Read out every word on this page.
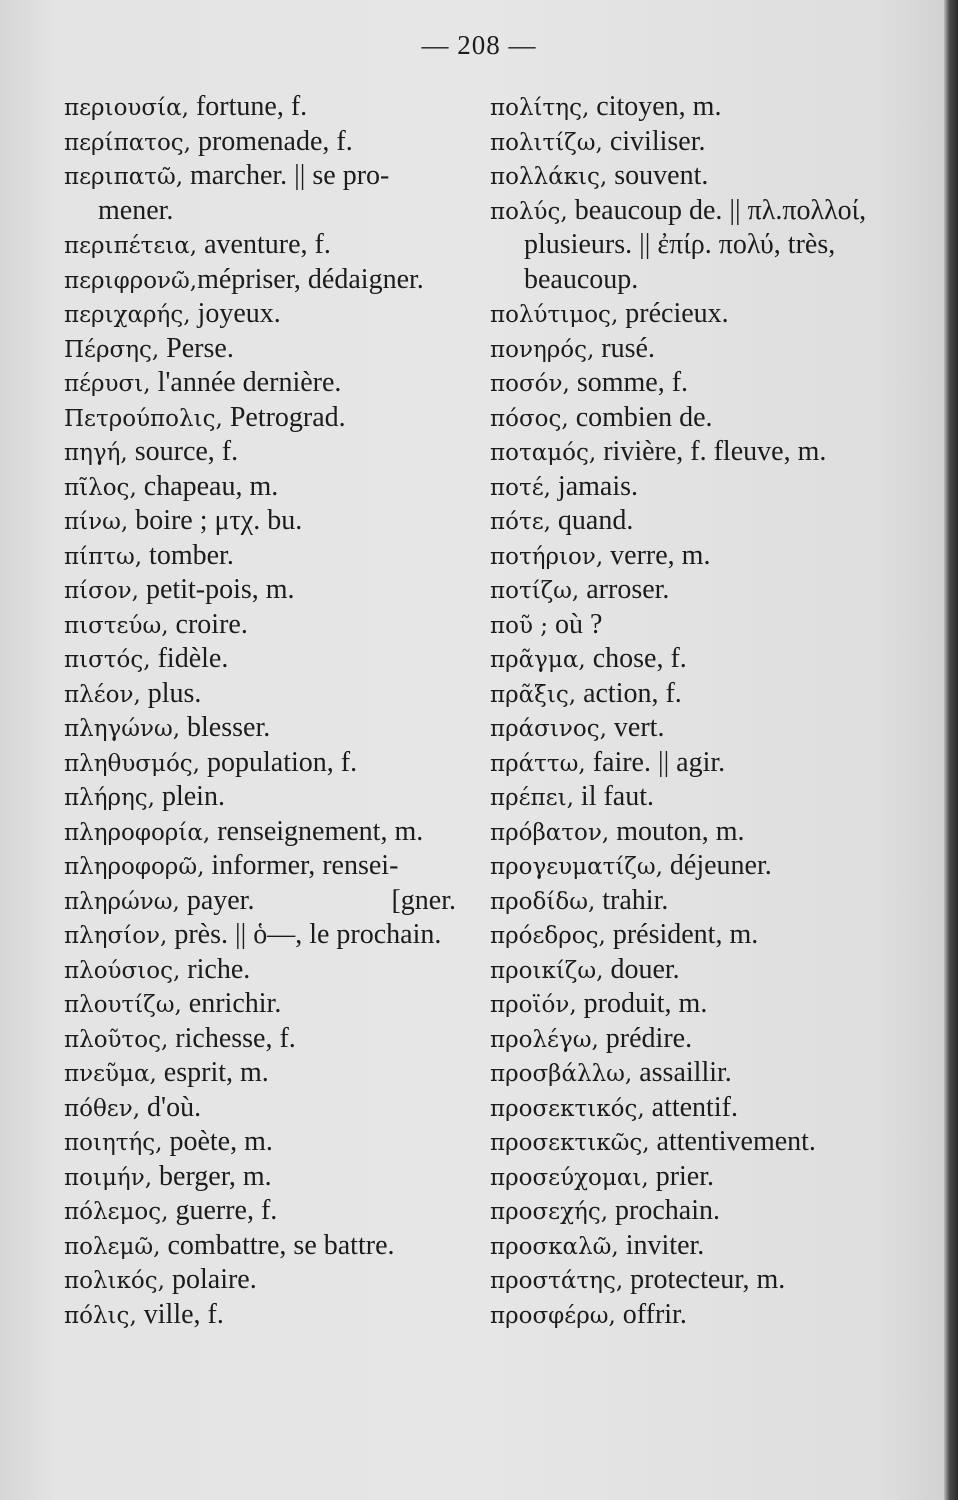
— 208 —
περιουσία, fortune, f.
περίπατος, promenade, f.
περιπατῶ, marcher. || se pro-
mener.
περιπέτεια, aventure, f.
περιφρονῶ,mépriser, dédaigner.
περιχαρής, joyeux.
Πέρσης, Perse.
πέρυσι, l'année dernière.
Πετρούπολις, Petrograd.
πηγή, source, f.
πῖλος, chapeau, m.
πίνω, boire ; μτχ. bu.
πίπτω, tomber.
πίσον, petit-pois, m.
πιστεύω, croire.
πιστός, fidèle.
πλέον, plus.
πληγώνω, blesser.
πληθυσμός, population, f.
πλήρης, plein.
πληροφορία, renseignement, m.
πληροφορῶ, informer, rensei-
πληρώνω, payer.	[gner.
πλησίον, près. || ὁ—, le prochain.
πλούσιος, riche.
πλουτίζω, enrichir.
πλοῦτος, richesse, f.
πνεῦμα, esprit, m.
πόθεν, d'où.
ποιητής, poète, m.
ποιμήν, berger, m.
πόλεμος, guerre, f.
πολεμῶ, combattre, se battre.
πολικός, polaire.
πόλις, ville, f.
πολίτης, citoyen, m.
πολιτίζω, civiliser.
πολλάκις, souvent.
πολύς, beaucoup de. || πλ.πολλοί,
plusieurs. || ἐπίρ. πολύ, très,
beaucoup.
πολύτιμος, précieux.
πονηρός, rusé.
ποσόν, somme, f.
πόσος, combien de.
ποταμός, rivière, f. fleuve, m.
ποτέ, jamais.
πότε, quand.
ποτήριον, verre, m.
ποτίζω, arroser.
ποῦ ; où ?
πρᾶγμα, chose, f.
πρᾶξις, action, f.
πράσινος, vert.
πράττω, faire. || agir.
πρέπει, il faut.
πρόβατον, mouton, m.
προγευματίζω, déjeuner.
προδίδω, trahir.
πρόεδρος, président, m.
προικίζω, douer.
προϊόν, produit, m.
προλέγω, prédire.
προσβάλλω, assaillir.
προσεκτικός, attentif.
προσεκτικῶς, attentivement.
προσεύχομαι, prier.
προσεχής, prochain.
προσκαλῶ, inviter.
προστάτης, protecteur, m.
προσφέρω, offrir.
